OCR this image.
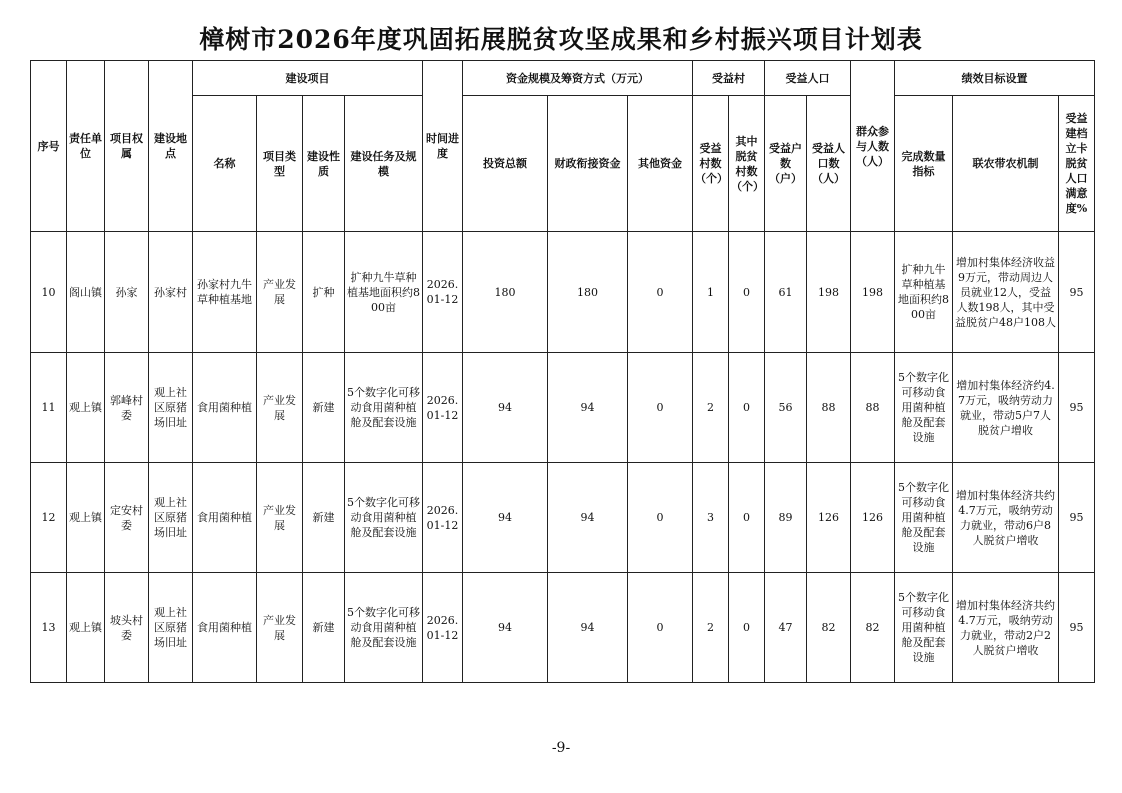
樟树市2026年度巩固拓展脱贫攻坚成果和乡村振兴项目计划表
序号	责任单位	项目权属	建设地点	建设项目				时间进度	资金规模及筹资方式（万元）			受益村		受益人口		群众参与人数（人）	绩效目标设置		
				名称	项目类型	建设性质	建设任务及规模		投资总额	财政衔接资金	其他资金	受益村数（个）	其中脱贫村数（个）	受益户数（户）	受益人口数（人）		完成数量指标	联农带农机制	受益建档立卡脱贫人口满意度%
10	阁山镇	孙家	孙家村	孙家村九牛草种植基地	产业发展	扩种	扩种九牛草种植基地面积约800亩	2026.01-12	180	180	0	1	0	61	198	198	扩种九牛草种植基地面积约800亩	增加村集体经济收益9万元，带动周边人员就业12人，受益人数198人，其中受益脱贫户48户108人	95
11	观上镇	郭峰村委	观上社区原猪场旧址	食用菌种植	产业发展	新建	5个数字化可移动食用菌种植舱及配套设施	2026.01-12	94	94	0	2	0	56	88	88	5个数字化可移动食用菌种植舱及配套设施	增加村集体经济约4.7万元，吸纳劳动力就业，带动5户7人脱贫户增收	95
12	观上镇	定安村委	观上社区原猪场旧址	食用菌种植	产业发展	新建	5个数字化可移动食用菌种植舱及配套设施	2026.01-12	94	94	0	3	0	89	126	126	5个数字化可移动食用菌种植舱及配套设施	增加村集体经济共约4.7万元，吸纳劳动力就业，带动6户8人脱贫户增收	95
13	观上镇	坡头村委	观上社区原猪场旧址	食用菌种植	产业发展	新建	5个数字化可移动食用菌种植舱及配套设施	2026.01-12	94	94	0	2	0	47	82	82	5个数字化可移动食用菌种植舱及配套设施	增加村集体经济共约4.7万元，吸纳劳动力就业，带动2户2人脱贫户增收	95
-9-
